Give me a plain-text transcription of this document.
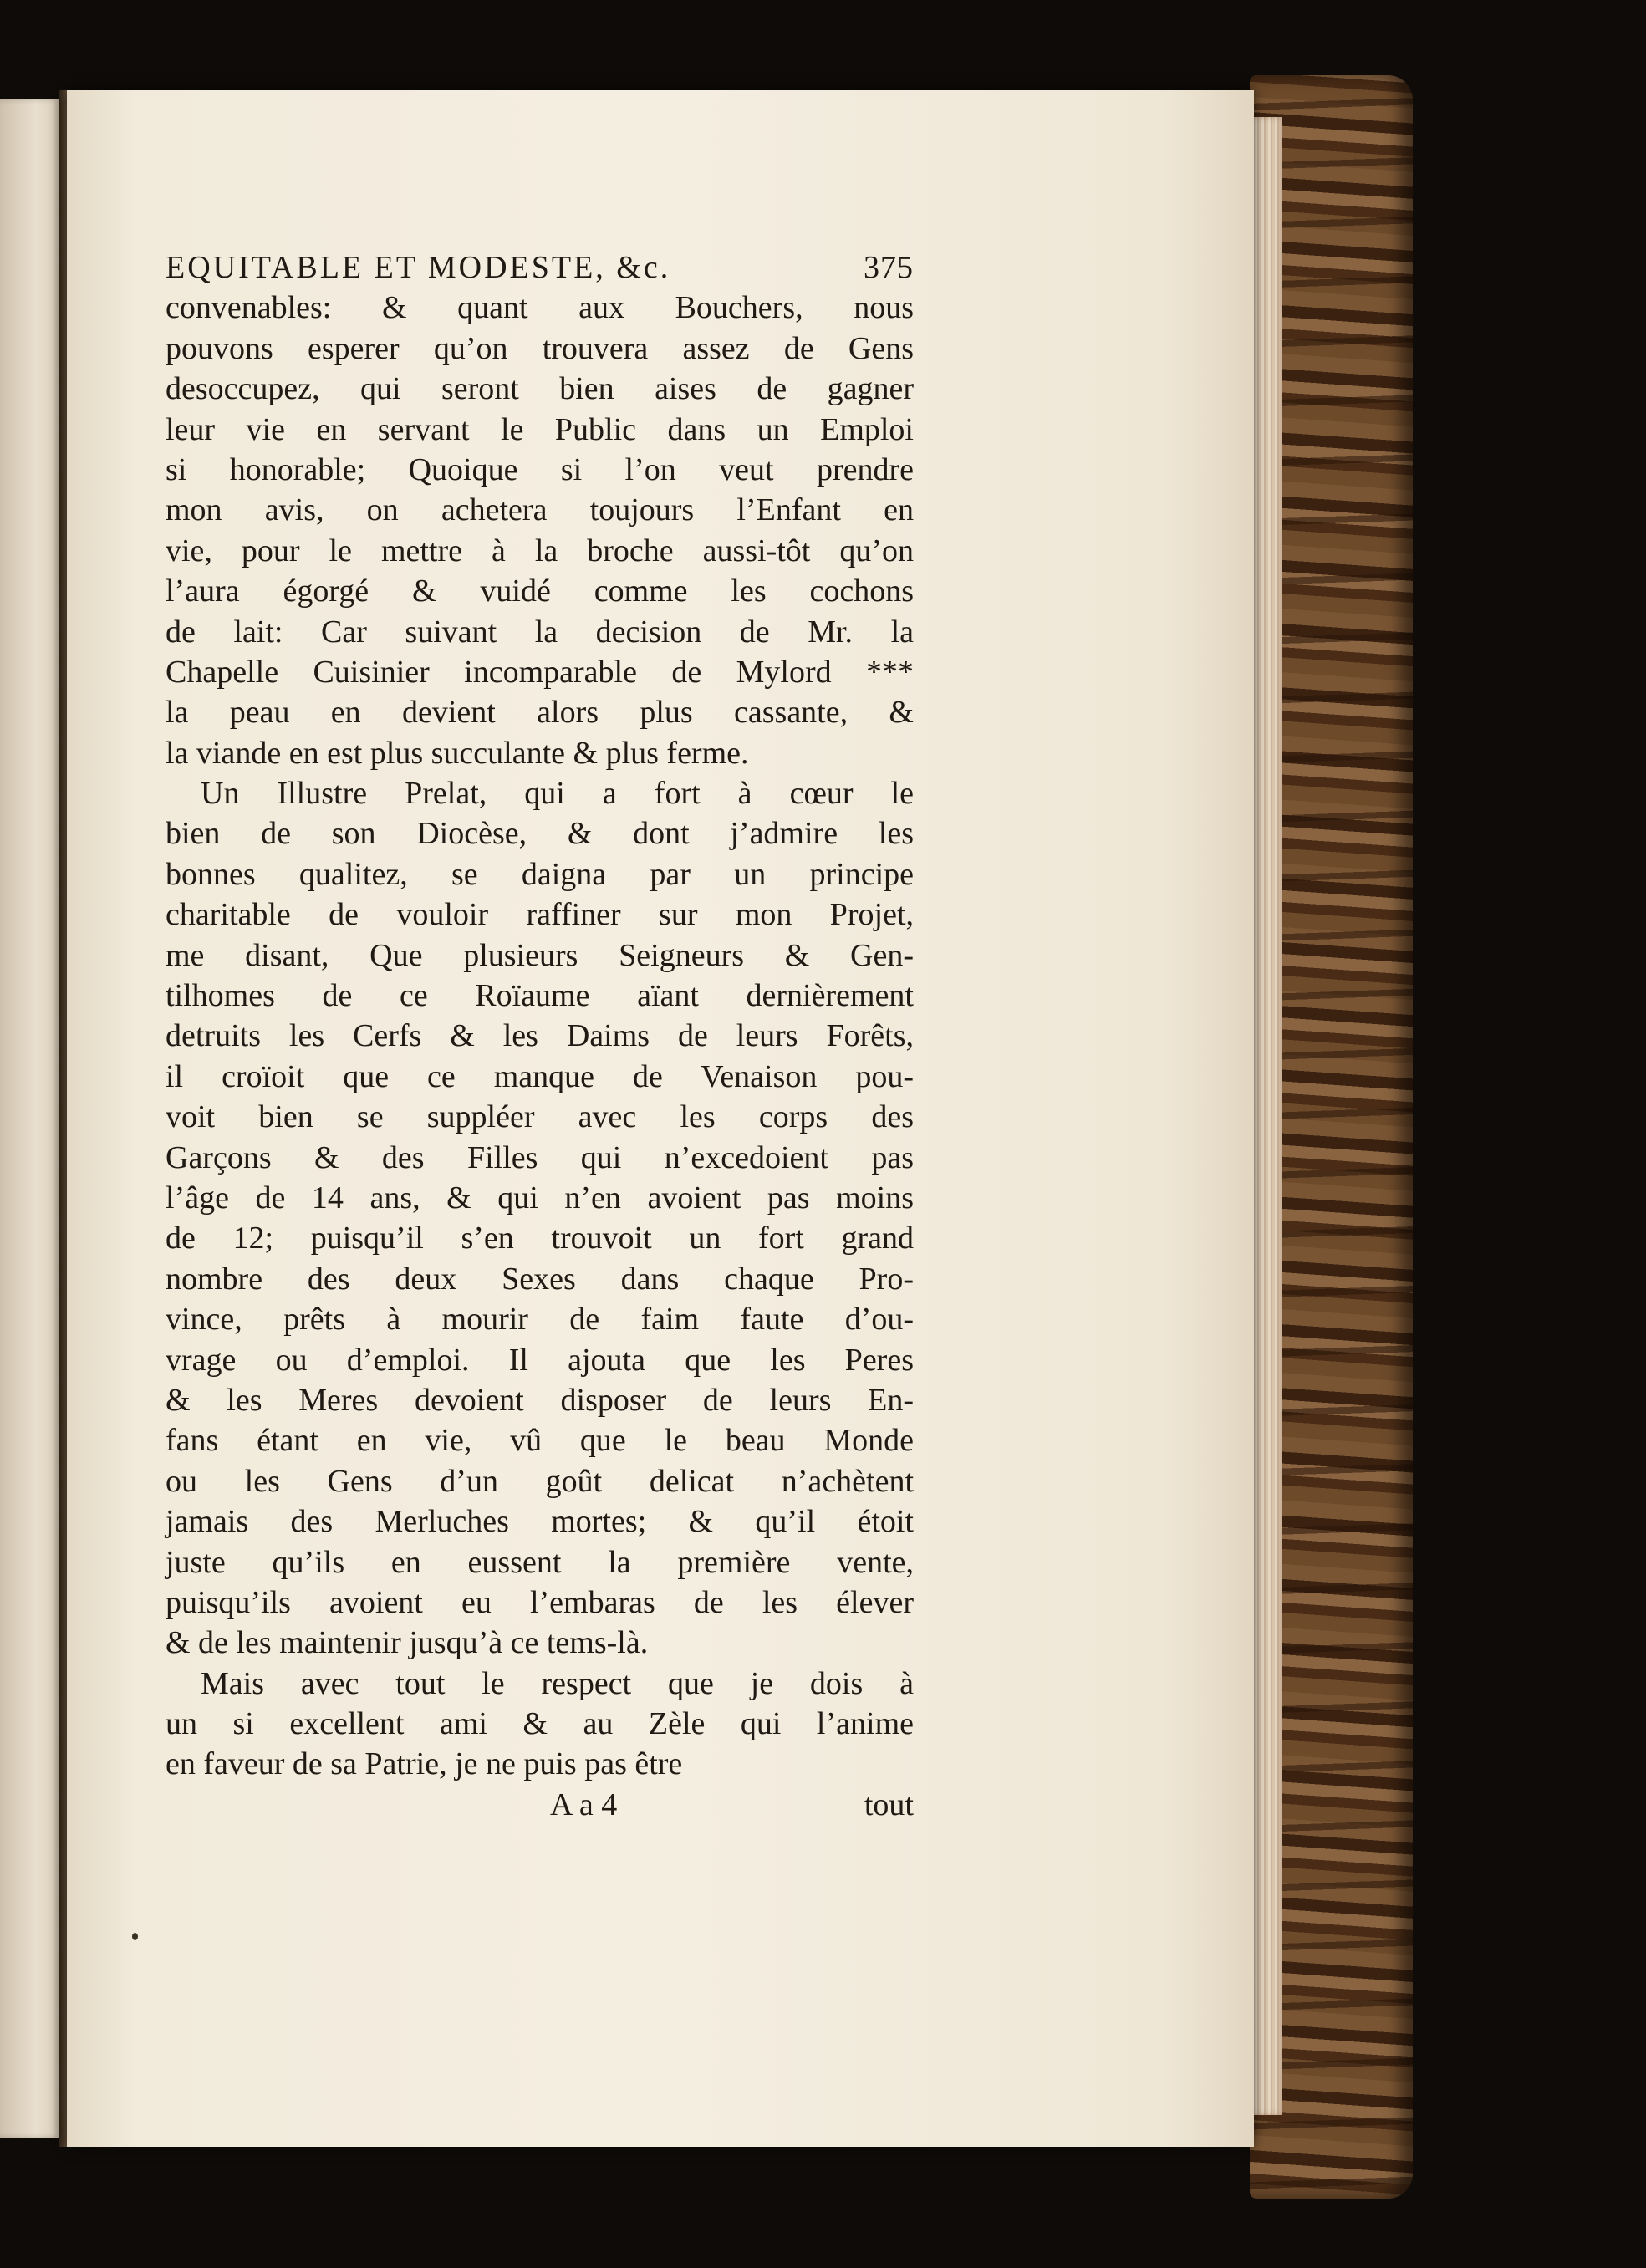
EQUITABLE ET MODESTE, &c.	375
convenables: & quant aux Bouchers, nous
pouvons esperer qu’on trouvera assez de Gens
desoccupez, qui seront bien aises de gagner
leur vie en servant le Public dans un Emploi
si honorable; Quoique si l’on veut prendre
mon avis, on achetera toujours l’Enfant en
vie, pour le mettre à la broche aussi-tôt qu’on
l’aura égorgé & vuidé comme les cochons
de lait: Car suivant la decision de Mr. la
Chapelle Cuisinier incomparable de Mylord ***
la peau en devient alors plus cassante, &
la viande en est plus succulante & plus ferme.
Un Illustre Prelat, qui a fort à cœur le
bien de son Diocèse, & dont j’admire les
bonnes qualitez, se daigna par un principe
charitable de vouloir raffiner sur mon Projet,
me disant, Que plusieurs Seigneurs & Gen-
tilhomes de ce Roïaume aïant dernièrement
detruits les Cerfs & les Daims de leurs Forêts,
il croïoit que ce manque de Venaison pou-
voit bien se suppléer avec les corps des
Garçons & des Filles qui n’excedoient pas
l’âge de 14 ans, & qui n’en avoient pas moins
de 12; puisqu’il s’en trouvoit un fort grand
nombre des deux Sexes dans chaque Pro-
vince, prêts à mourir de faim faute d’ou-
vrage ou d’emploi. Il ajouta que les Peres
& les Meres devoient disposer de leurs En-
fans étant en vie, vû que le beau Monde
ou les Gens d’un goût delicat n’achètent
jamais des Merluches mortes; & qu’il étoit
juste qu’ils en eussent la première vente,
puisqu’ils avoient eu l’embaras de les élever
& de les maintenir jusqu’à ce tems-là.
Mais avec tout le respect que je dois à
un si excellent ami & au Zèle qui l’anime
en faveur de sa Patrie, je ne puis pas être
A a 4	tout
